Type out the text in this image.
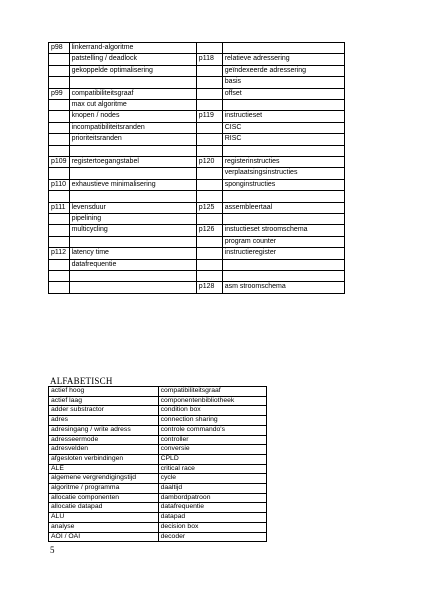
p98	linkerrand-algoritme		
	patstelling / deadlock	p118	relatieve adressering
	gekoppelde optimalisering		geïndexeerde adressering
			basis
p99	compatibiliteitsgraaf		offset
	max cut algoritme		
	knopen / nodes	p119	instructieset
	incompatibiliteitsranden		CISC
	prioriteitsranden		RISC

p109	registertoegangstabel	p120	registerinstructies
			verplaatsingsinstructies
p110	exhaustieve minimalisering		sponginstructies

p111	levensduur	p125	assembleertaal
	pipelining		
	multicycling	p126	instuctieset stroomschema
			program counter
p112	latency time		instructieregister
	datafrequentie		

		p128	asm stroomschema
ALFABETISCH
actief hoog	compatibiliteitsgraaf
actief laag	componentenbibliotheek
adder substractor	condition box
adres	connection sharing
adresingang / write adress	controle commando's
adresseermode	controller
adresvelden	conversie
afgesloten verbindingen	CPLD
ALE	critical race
algemene vergrendigingstijd	cycle
algoritme / programma	daaltijd
allocatie componenten	dambordpatroon
allocatie datapad	datafrequentie
ALU	datapad
analyse	decision box
AOI / OAI	decoder
5
